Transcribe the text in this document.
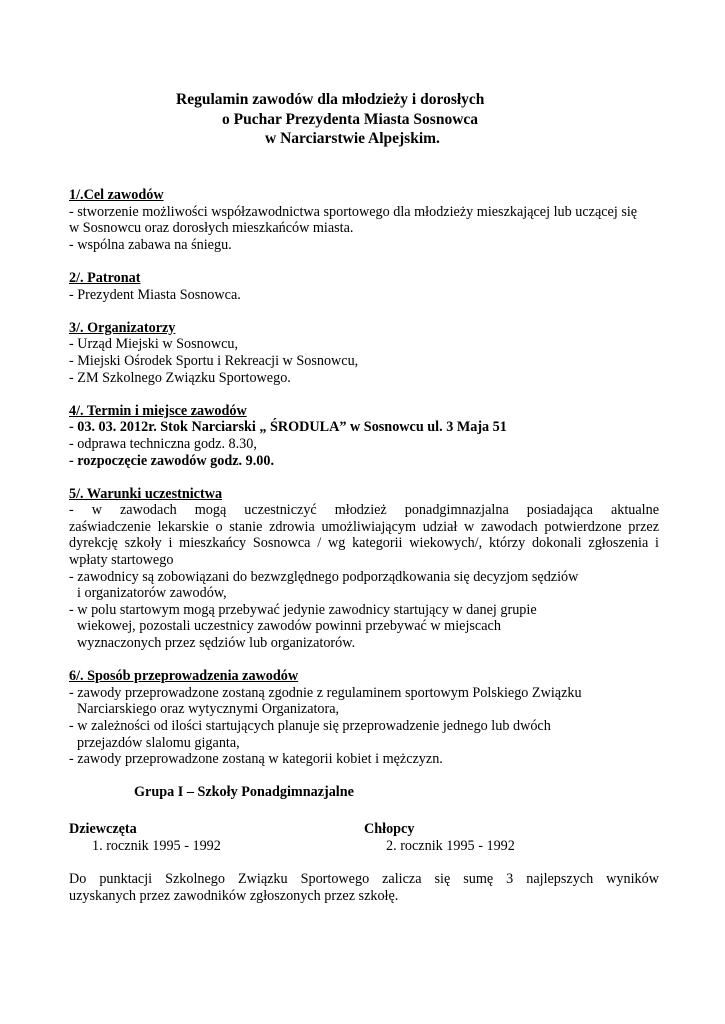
Regulamin zawodów dla młodzieży i dorosłych
o Puchar Prezydenta Miasta Sosnowca
w Narciarstwie Alpejskim.
1/.Cel zawodów
- stworzenie możliwości współzawodnictwa sportowego dla młodzieży mieszkającej lub uczącej się
w Sosnowcu oraz dorosłych mieszkańców miasta.
- wspólna zabawa na śniegu.
2/. Patronat
- Prezydent Miasta Sosnowca.
3/. Organizatorzy
- Urząd Miejski w Sosnowcu,
- Miejski Ośrodek Sportu i Rekreacji w Sosnowcu,
- ZM Szkolnego Związku Sportowego.
4/. Termin i miejsce zawodów
- 03. 03. 2012r. Stok Narciarski „ ŚRODULA” w Sosnowcu ul. 3 Maja 51
- odprawa techniczna godz. 8.30,
- rozpoczęcie zawodów godz. 9.00.
5/. Warunki uczestnictwa
- w zawodach mogą uczestniczyć młodzież ponadgimnazjalna posiadająca aktualne
zaświadczenie lekarskie o stanie zdrowia umożliwiającym udział w zawodach potwierdzone przez
dyrekcję szkoły i mieszkańcy Sosnowca / wg kategorii wiekowych/, którzy dokonali zgłoszenia i
wpłaty startowego
- zawodnicy są zobowiązani do bezwzględnego podporządkowania się decyzjom sędziów
i organizatorów zawodów,
- w polu startowym mogą przebywać jedynie zawodnicy startujący w danej grupie
wiekowej, pozostali uczestnicy zawodów powinni przebywać w miejscach
wyznaczonych przez sędziów lub organizatorów.
6/. Sposób przeprowadzenia zawodów
- zawody przeprowadzone zostaną zgodnie z regulaminem sportowym Polskiego Związku
Narciarskiego oraz wytycznymi Organizatora,
- w zależności od ilości startujących planuje się przeprowadzenie jednego lub dwóch
przejazdów slalomu giganta,
- zawody przeprowadzone zostaną w kategorii kobiet i mężczyzn.
Grupa I – Szkoły Ponadgimnazjalne
Dziewczęta
1. rocznik 1995 - 1992
Chłopcy
2. rocznik 1995 - 1992
Do punktacji Szkolnego Związku Sportowego zalicza się sumę 3 najlepszych wyników
uzyskanych przez zawodników zgłoszonych przez szkołę.
